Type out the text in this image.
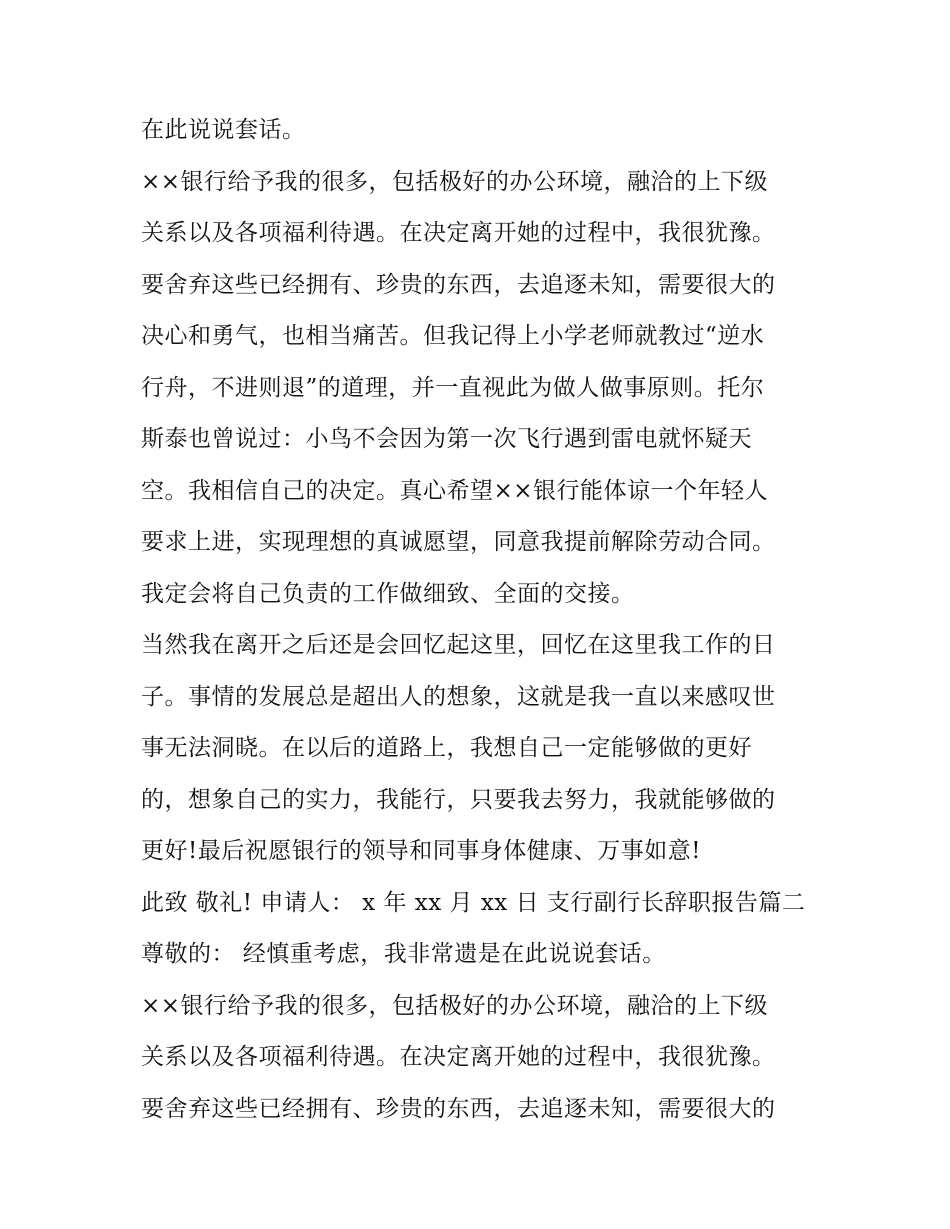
在此说说套话。
××银行给予我的很多，包括极好的办公环境，融洽的上下级
关系以及各项福利待遇。在决定离开她的过程中，我很犹豫。
要舍弃这些已经拥有、珍贵的东西，去追逐未知，需要很大的
决心和勇气，也相当痛苦。但我记得上小学老师就教过“逆水
行舟，不进则退”的道理，并一直视此为做人做事原则。托尔
斯泰也曾说过：小鸟不会因为第一次飞行遇到雷电就怀疑天
空。我相信自己的决定。真心希望××银行能体谅一个年轻人
要求上进，实现理想的真诚愿望，同意我提前解除劳动合同。
我定会将自己负责的工作做细致、全面的交接。
当然我在离开之后还是会回忆起这里，回忆在这里我工作的日
子。事情的发展总是超出人的想象，这就是我一直以来感叹世
事无法洞晓。在以后的道路上，我想自己一定能够做的更好
的，想象自己的实力，我能行，只要我去努力，我就能够做的
更好!最后祝愿银行的领导和同事身体健康、万事如意!
此致 敬礼! 申请人： x 年 xx 月 xx 日 支行副行长辞职报告篇二
尊敬的： 经慎重考虑，我非常遗是在此说说套话。
××银行给予我的很多，包括极好的办公环境，融洽的上下级
关系以及各项福利待遇。在决定离开她的过程中，我很犹豫。
要舍弃这些已经拥有、珍贵的东西，去追逐未知，需要很大的
